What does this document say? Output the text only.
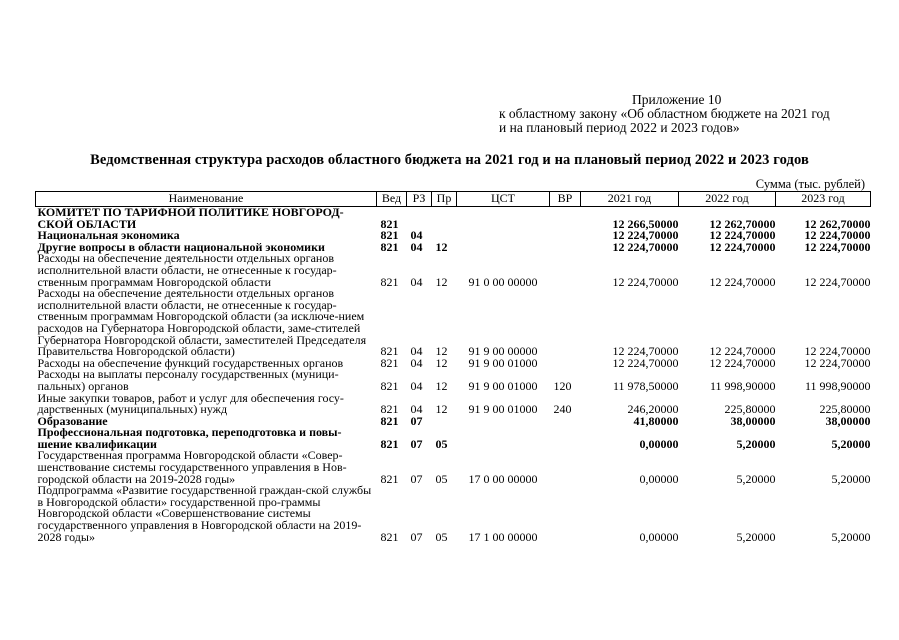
Приложение 10
к областному закону «Об областном бюджете на 2021 год
и на плановый период 2022 и 2023 годов»
Ведомственная структура расходов областного бюджета на 2021 год и на плановый период 2022 и 2023 годов
Сумма (тыс. рублей)
Наименование	Вед	РЗ	Пр	ЦСТ	ВР	2021 год	2022 год	2023 год
КОМИТЕТ ПО ТАРИФНОЙ ПОЛИТИКЕ НОВГОРОД-СКОЙ ОБЛАСТИ	821					12 266,50000	12 262,70000	12 262,70000
Национальная экономика	821	04				12 224,70000	12 224,70000	12 224,70000
Другие вопросы в области национальной экономики	821	04	12			12 224,70000	12 224,70000	12 224,70000
Расходы на обеспечение деятельности отдельных органов исполнительной власти области, не отнесенные к государ-ственным программам Новгородской области	821	04	12	91 0 00 00000		12 224,70000	12 224,70000	12 224,70000
Расходы на обеспечение деятельности отдельных органов исполнительной власти области, не отнесенные к государ-ственным программам Новгородской области (за исключе-нием расходов на Губернатора Новгородской области, заме-стителей Губернатора Новгородской области, заместителей Председателя Правительства Новгородской области)	821	04	12	91 9 00 00000		12 224,70000	12 224,70000	12 224,70000
Расходы на обеспечение функций государственных органов	821	04	12	91 9 00 01000		12 224,70000	12 224,70000	12 224,70000
Расходы на выплаты персоналу государственных (муници-пальных) органов	821	04	12	91 9 00 01000	120	11 978,50000	11 998,90000	11 998,90000
Иные закупки товаров, работ и услуг для обеспечения госу-дарственных (муниципальных) нужд	821	04	12	91 9 00 01000	240	246,20000	225,80000	225,80000
Образование	821	07				41,80000	38,00000	38,00000
Профессиональная подготовка, переподготовка и повы-шение квалификации	821	07	05			0,00000	5,20000	5,20000
Государственная программа Новгородской области «Совер-шенствование системы государственного управления в Нов-городской области на 2019-2028 годы»	821	07	05	17 0 00 00000		0,00000	5,20000	5,20000
Подпрограмма «Развитие государственной граждан-ской службы в Новгородской области» государственной про-граммы Новгородской области «Совершенствование системы государственного управления в Новгородской области на 2019-2028 годы»	821	07	05	17 1 00 00000		0,00000	5,20000	5,20000
